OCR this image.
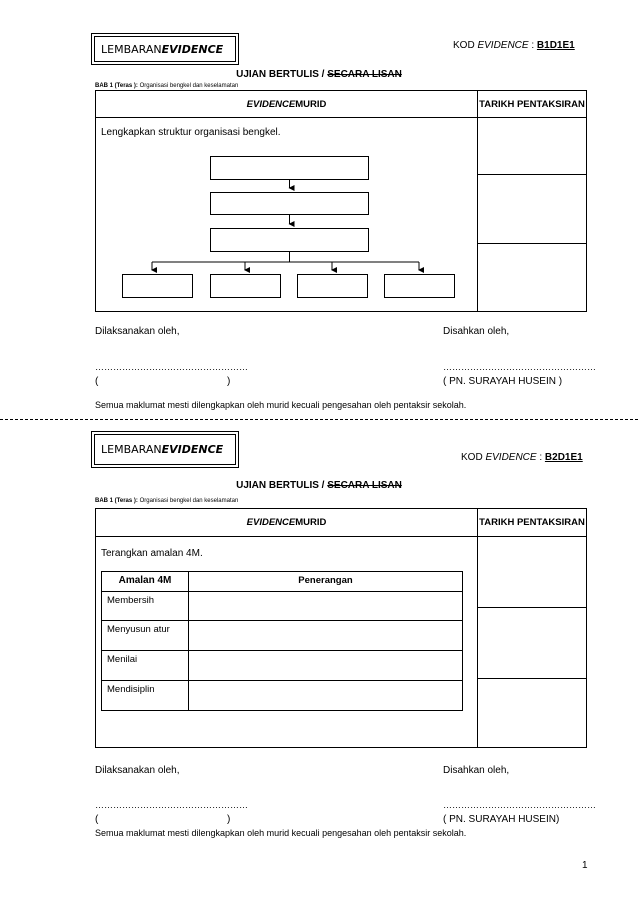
LEMBARAN EVIDENCE	KOD EVIDENCE : B1D1E1
UJIAN BERTULIS / SECARA LISAN
BAB 1 (Teras ): Organisasi bengkel dan keselamatan
EVIDENCE MURID	TARIKH PENTAKSIRAN
Lengkapkan struktur organisasi bengkel.
Dilaksanakan oleh,	Disahkan oleh,
……………………………………………	……………………………………………
(	)	( PN. SURAYAH HUSEIN )
Semua maklumat mesti dilengkapkan oleh murid kecuali pengesahan oleh pentaksir sekolah.
LEMBARAN EVIDENCE
KOD EVIDENCE : B2D1E1
UJIAN BERTULIS / SECARA LISAN
BAB 1 (Teras ): Organisasi bengkel dan keselamatan
EVIDENCE MURID	TARIKH PENTAKSIRAN
Terangkan amalan 4M.
Amalan 4M	Penerangan
Membersih	
Menyusun atur	
Menilai	
Mendisiplin	
Dilaksanakan oleh,	Disahkan oleh,
……………………………………………	……………………………………………
(	)	( PN. SURAYAH HUSEIN)
Semua maklumat mesti dilengkapkan oleh murid kecuali pengesahan oleh pentaksir sekolah.
1
